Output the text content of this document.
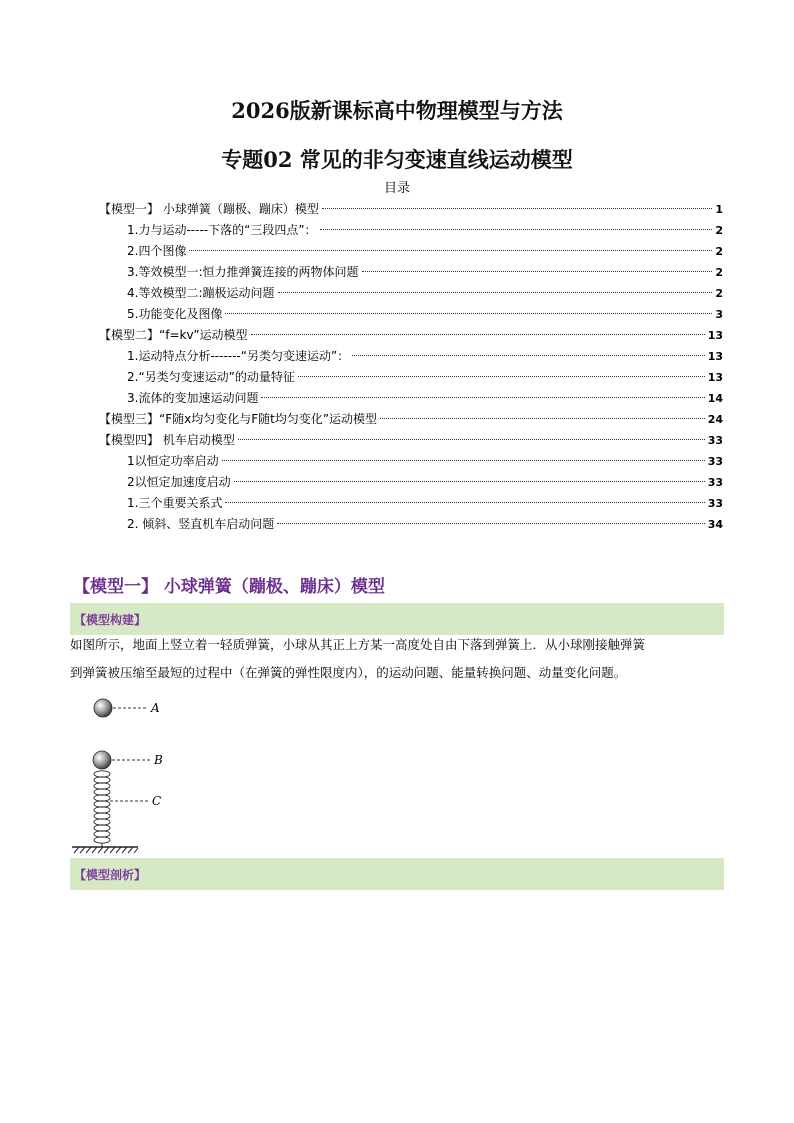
2026版新课标高中物理模型与方法
专题02 常见的非匀变速直线运动模型
目录
【模型一】 小球弹簧（蹦极、蹦床）模型	1
1.力与运动-----下落的“三段四点”：	2
2.四个图像	2
3.等效模型一:恒力推弹簧连接的两物体问题	2
4.等效模型二:蹦极运动问题	2
5.功能变化及图像	3
【模型二】“f=kv”运动模型	13
1.运动特点分析-------“另类匀变速运动”：	13
2.“另类匀变速运动”的动量特征	13
3.流体的变加速运动问题	14
【模型三】“F随x均匀变化与F随t均匀变化”运动模型	24
【模型四】 机车启动模型	33
1以恒定功率启动	33
2以恒定加速度启动	33
1.三个重要关系式	33
2. 倾斜、竖直机车启动问题	34
【模型一】 小球弹簧（蹦极、蹦床）模型
【模型构建】
如图所示，地面上竖立着一轻质弹簧，小球从其正上方某一高度处自由下落到弹簧上．从小球刚接触弹簧
到弹簧被压缩至最短的过程中（在弹簧的弹性限度内），的运动问题、能量转换问题、动量变化问题。
A
B
C
【模型剖析】
